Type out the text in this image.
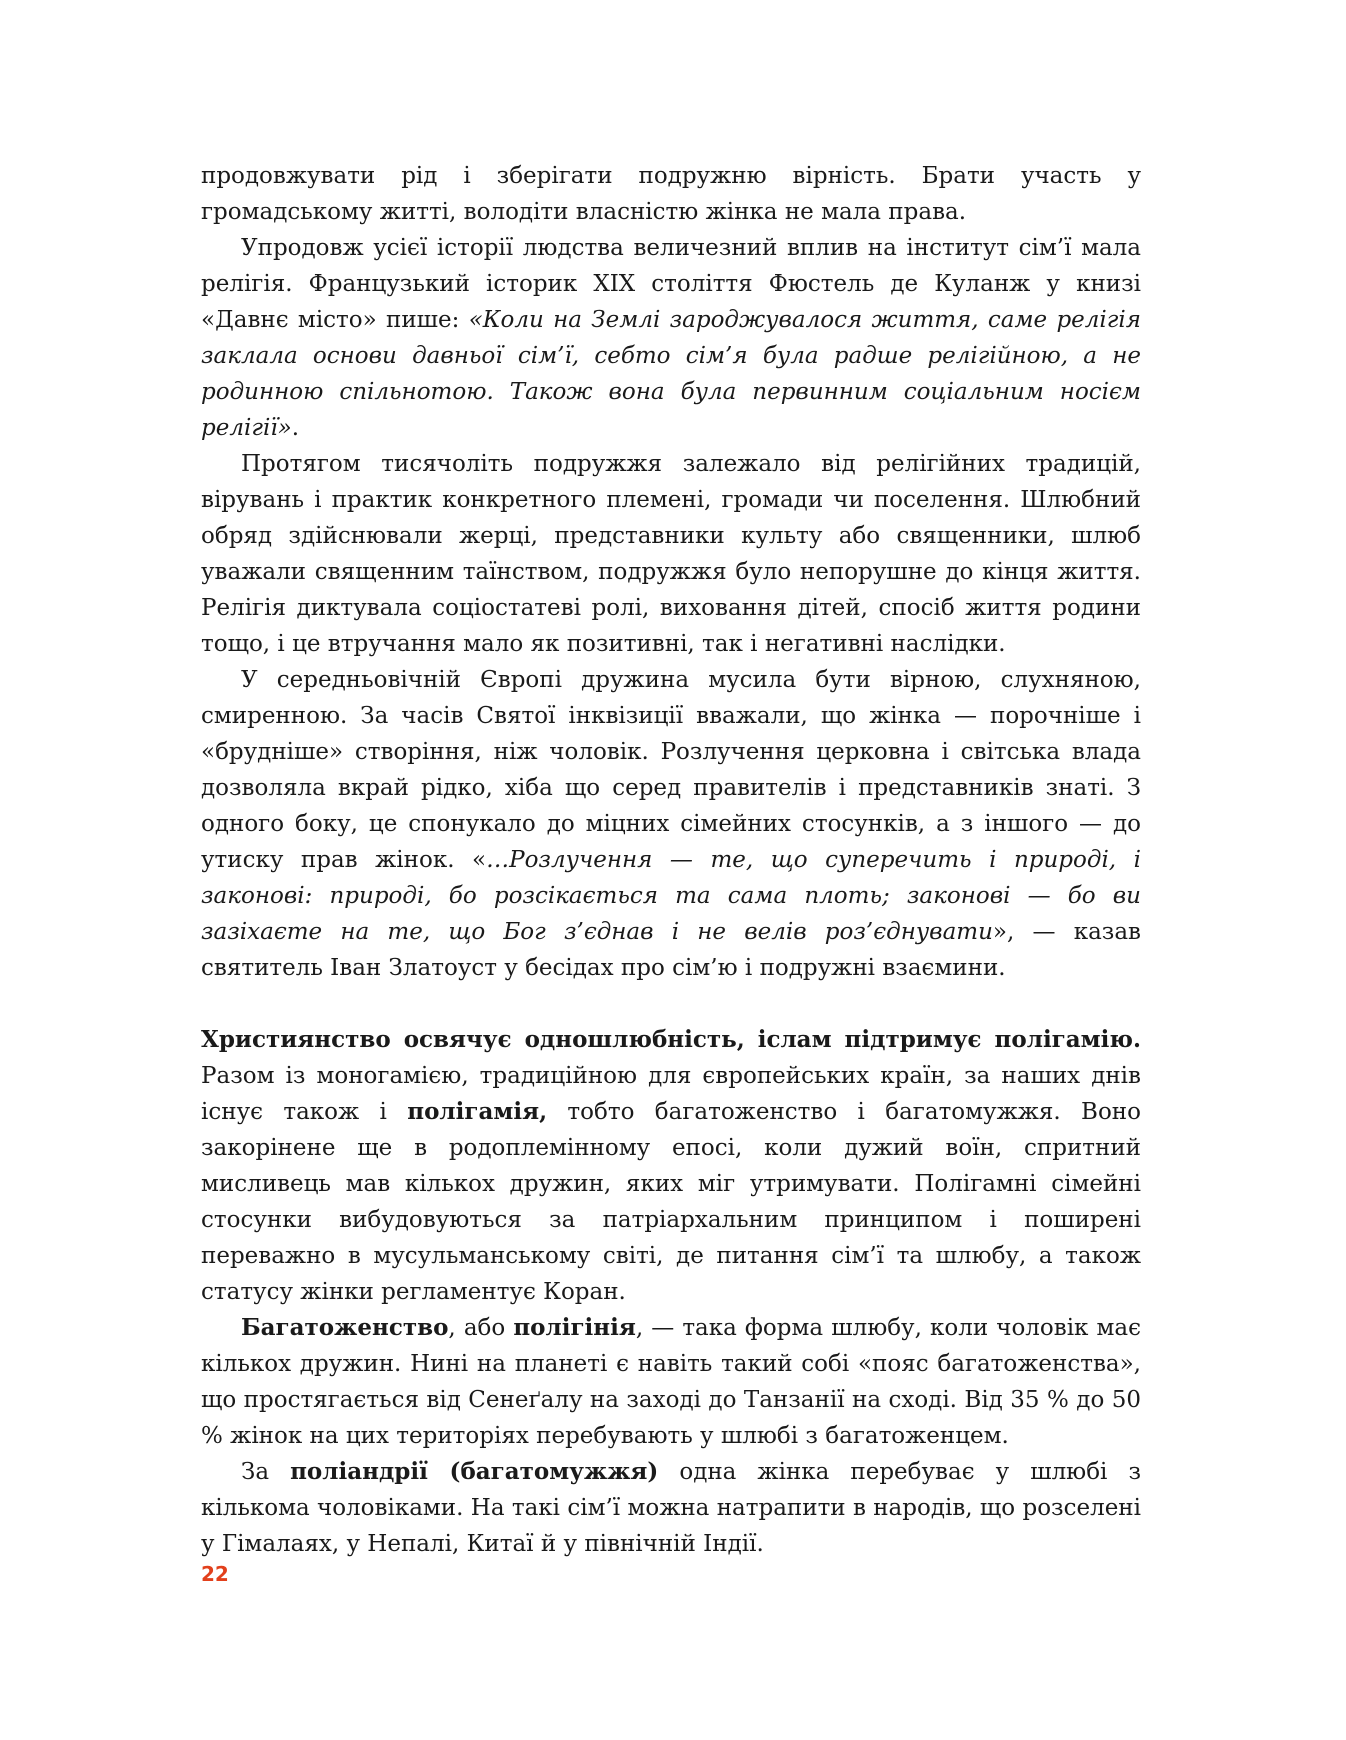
продовжувати рід і зберігати подружню вірність. Брати участь у громадському житті, володіти власністю жінка не мала права.

Упродовж усієї історії людства величезний вплив на інститут сім’ї мала релігія. Французький історик XIX століття Фюстель де Куланж у книзі «Давнє місто» пише: «Коли на Землі зароджувалося життя, саме релігія заклала основи давньої сім’ї, себто сім’я була радше релігійною, а не родинною спільнотою. Також вона була первинним соціальним носієм релігії».

Протягом тисячоліть подружжя залежало від релігійних традицій, вірувань і практик конкретного племені, громади чи поселення. Шлюбний обряд здійснювали жерці, представники культу або священники, шлюб уважали священним таїнством, подружжя було непорушне до кінця життя. Релігія диктувала соціостатеві ролі, виховання дітей, спосіб життя родини тощо, і це втручання мало як позитивні, так і негативні наслідки.

У середньовічній Європі дружина мусила бути вірною, слухняною, смиренною. За часів Святої інквізиції вважали, що жінка — порочніше і «брудніше» створіння, ніж чоловік. Розлучення церковна і світська влада дозволяла вкрай рідко, хіба що серед правителів і представників знаті. З одного боку, це спонукало до міцних сімейних стосунків, а з іншого — до утиску прав жінок. «…Розлучення — те, що суперечить і природі, і законові: природі, бо розсікається та сама плоть; законові — бо ви зазіхаєте на те, що Бог з’єднав і не велів роз’єднувати», — казав святитель Іван Златоуст у бесідах про сім’ю і подружні взаємини.

Християнство освячує одношлюбність, іслам підтримує полігамію. Разом із моногамією, традиційною для європейських країн, за наших днів існує також і полігамія, тобто багатоженство і багатомужжя. Воно закорінене ще в родоплемінному епосі, коли дужий воїн, спритний мисливець мав кількох дружин, яких міг утримувати. Полігамні сімейні стосунки вибудовуються за патріархальним принципом і поширені переважно в мусульманському світі, де питання сім’ї та шлюбу, а також статусу жінки регламентує Коран.

Багатоженство, або полігінія, — така форма шлюбу, коли чоловік має кількох дружин. Нині на планеті є навіть такий собі «пояс багатоженства», що простягається від Сенеґалу на заході до Танзанії на сході. Від 35 % до 50 % жінок на цих територіях перебувають у шлюбі з багатоженцем.

За поліандрії (багатомужжя) одна жінка перебуває у шлюбі з кількома чоловіками. На такі сім’ї можна натрапити в народів, що розселені у Гімалаях, у Непалі, Китаї й у північній Індії.

22
